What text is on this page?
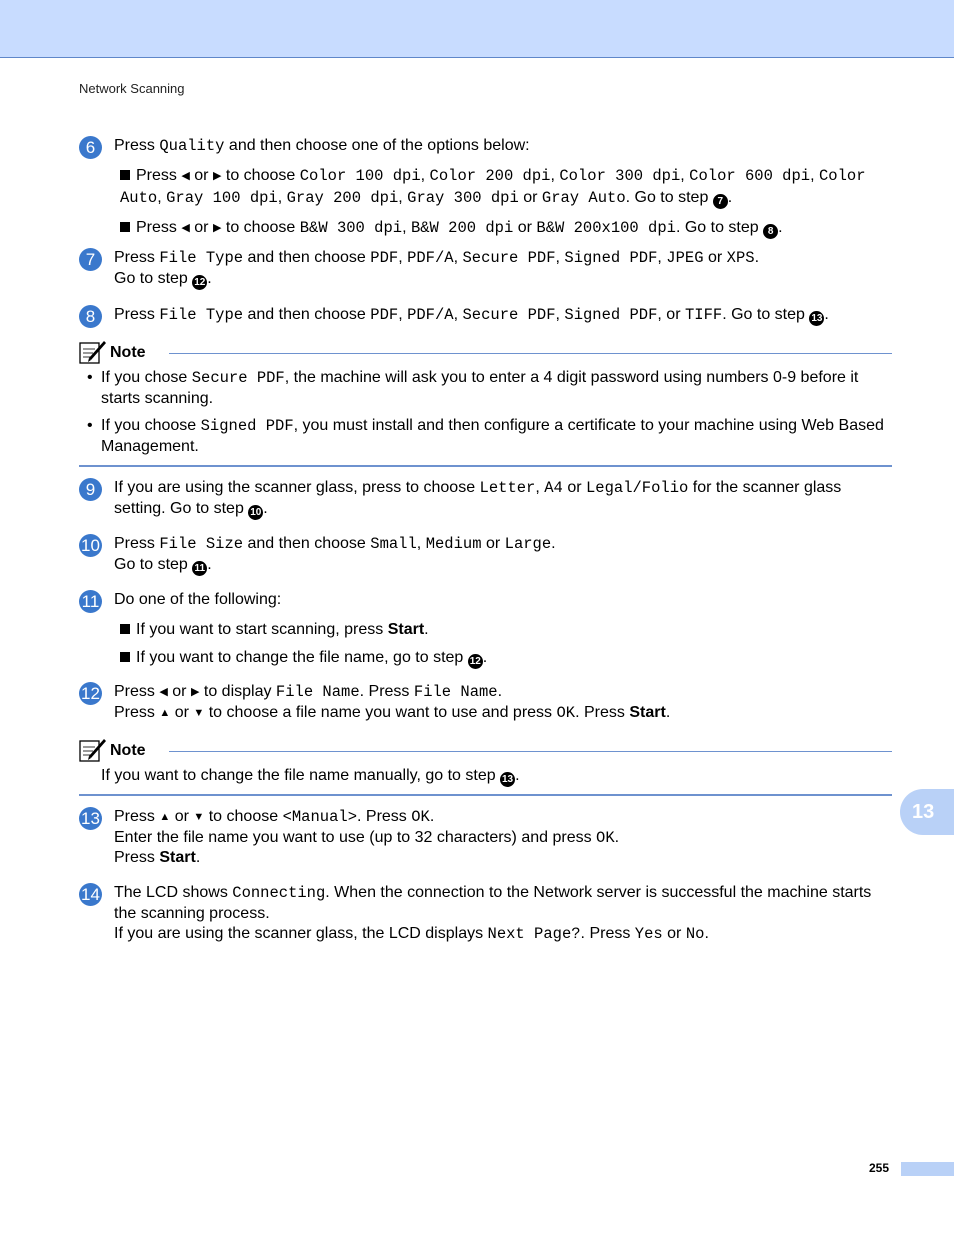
Network Scanning
6	Press Quality and then choose one of the options below:
Press ◀ or ▶ to choose Color 100 dpi, Color 200 dpi, Color 300 dpi, Color 600 dpi, Color Auto, Gray 100 dpi, Gray 200 dpi, Gray 300 dpi or Gray Auto. Go to step 7 .
Press ◀ or ▶ to choose B&W 300 dpi, B&W 200 dpi or B&W 200x100 dpi. Go to step 8 .
7	Press File Type and then choose PDF, PDF/A, Secure PDF, Signed PDF, JPEG or XPS.
Go to step 12 .
8	Press File Type and then choose PDF, PDF/A, Secure PDF, Signed PDF, or TIFF. Go to step 13 .
Note
• If you chose Secure PDF, the machine will ask you to enter a 4 digit password using numbers 0-9 before it starts scanning.
• If you choose Signed PDF, you must install and then configure a certificate to your machine using Web Based Management.
9	If you are using the scanner glass, press to choose Letter, A4 or Legal/Folio for the scanner glass setting. Go to step 10 .
10 Press File Size and then choose Small, Medium or Large.
Go to step 11 .
11 Do one of the following:
If you want to start scanning, press Start.
If you want to change the file name, go to step 12 .
12 Press ◀ or ▶ to display File Name. Press File Name.
Press ▲ or ▼ to choose a file name you want to use and press OK. Press Start.
Note
If you want to change the file name manually, go to step 13 .
13 Press ▲ or ▼ to choose <Manual>. Press OK.
Enter the file name you want to use (up to 32 characters) and press OK.
Press Start.
14 The LCD shows Connecting. When the connection to the Network server is successful the machine starts the scanning process.
If you are using the scanner glass, the LCD displays Next Page?. Press Yes or No.
13
255
